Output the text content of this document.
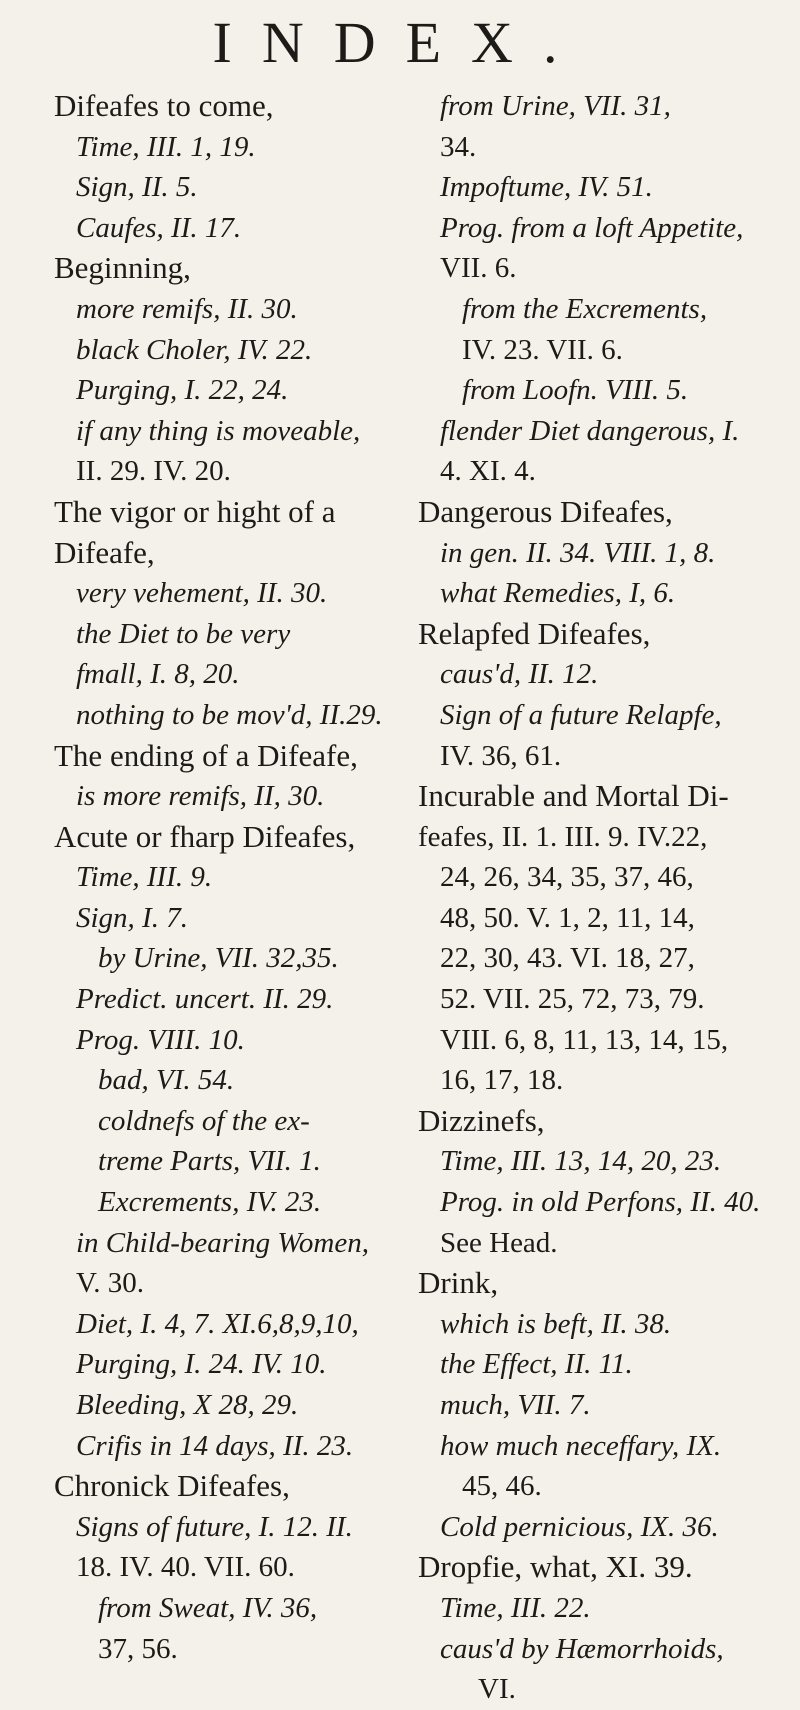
INDEX.
Difeafes to come,
Time, III. 1, 19.
Sign, II. 5.
Caufes, II. 17.
Beginning,
more remifs, II. 30.
black Choler, IV. 22.
Purging, I. 22, 24.
if any thing is moveable,
II. 29. IV. 20.
The vigor or hight of a
Difeafe,
very vehement, II. 30.
the Diet to be very
fmall, I. 8, 20.
nothing to be mov'd, II.29.
The ending of a Difeafe,
is more remifs, II, 30.
Acute or fharp Difeafes,
Time, III. 9.
Sign, I. 7.
by Urine, VII. 32,35.
Predict. uncert. II. 29.
Prog. VIII. 10.
bad, VI. 54.
coldnefs of the ex-
treme Parts, VII. 1.
Excrements, IV. 23.
in Child-bearing Women,
V. 30.
Diet, I. 4, 7. XI.6,8,9,10,
Purging, I. 24. IV. 10.
Bleeding, X 28, 29.
Crifis in 14 days, II. 23.
Chronick Difeafes,
Signs of future, I. 12. II.
18. IV. 40. VII. 60.
from Sweat, IV. 36,
37, 56.
from Urine, VII. 31,
34.
Impoftume, IV. 51.
Prog. from a loft Appetite,
VII. 6.
from the Excrements,
IV. 23. VII. 6.
from Loofn. VIII. 5.
flender Diet dangerous, I.
4. XI. 4.
Dangerous Difeafes,
in gen. II. 34. VIII. 1, 8.
what Remedies, I, 6.
Relapfed Difeafes,
caus'd, II. 12.
Sign of a future Relapfe,
IV. 36, 61.
Incurable and Mortal Di-
feafes, II. 1. III. 9. IV.22,
24, 26, 34, 35, 37, 46,
48, 50. V. 1, 2, 11, 14,
22, 30, 43. VI. 18, 27,
52. VII. 25, 72, 73, 79.
VIII. 6, 8, 11, 13, 14, 15,
16, 17, 18.
Dizzinefs,
Time, III. 13, 14, 20, 23.
Prog. in old Perfons, II. 40.
See Head.
Drink,
which is beft, II. 38.
the Effect, II. 11.
much, VII. 7.
how much neceffary, IX.
45, 46.
Cold pernicious, IX. 36.
Dropfie, what, XI. 39.
Time, III. 22.
caus'd by Hæmorrhoids,
VI.
